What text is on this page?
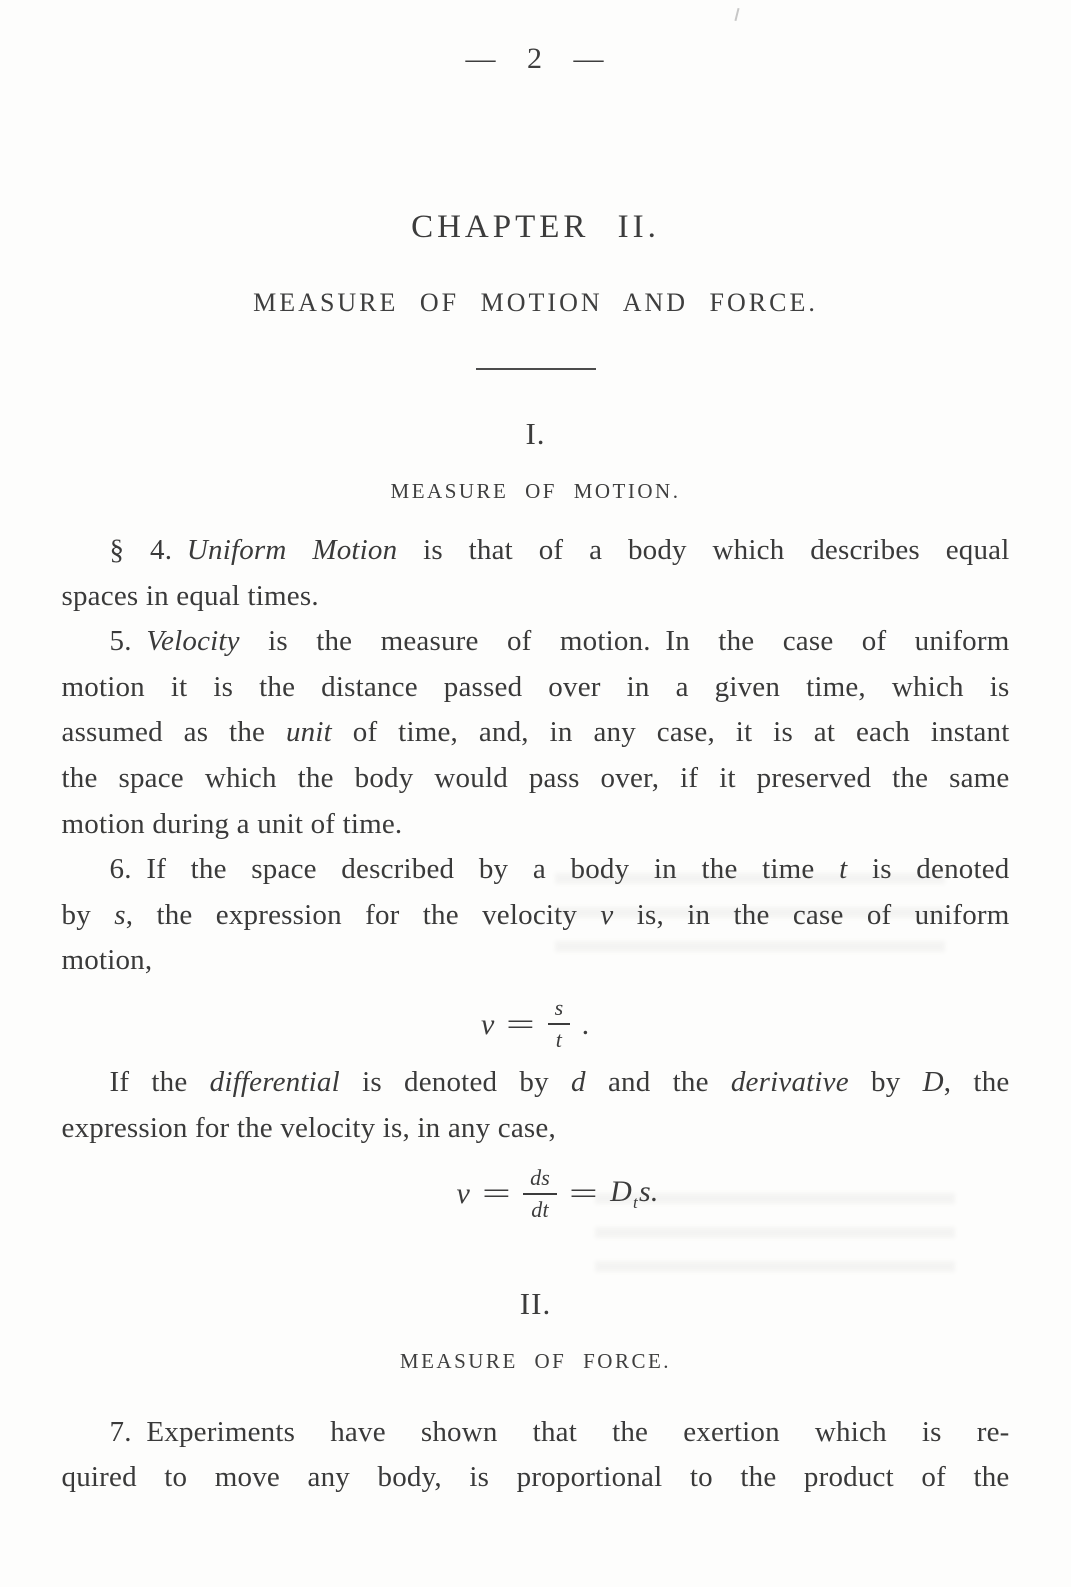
— 2 —
CHAPTER II.
MEASURE OF MOTION AND FORCE.
I.
MEASURE OF MOTION.
§ 4. Uniform Motion is that of a body which describes equal
spaces in equal times.
5. Velocity is the measure of motion. In the case of uniform
motion it is the distance passed over in a given time, which is
assumed as the unit of time, and, in any case, it is at each instant
the space which the body would pass over, if it preserved the same
motion during a unit of time.
6. If the space described by a body in the time t is denoted
by s, the expression for the velocity v is, in the case of uniform
motion,
$v = \frac{s}{t}$ .
If the differential is denoted by d and the derivative by D, the
expression for the velocity is, in any case,
$v = \frac{ds}{dt} = D_ts$.
II.
MEASURE OF FORCE.
7. Experiments have shown that the exertion which is re-
quired to move any body, is proportional to the product of the
